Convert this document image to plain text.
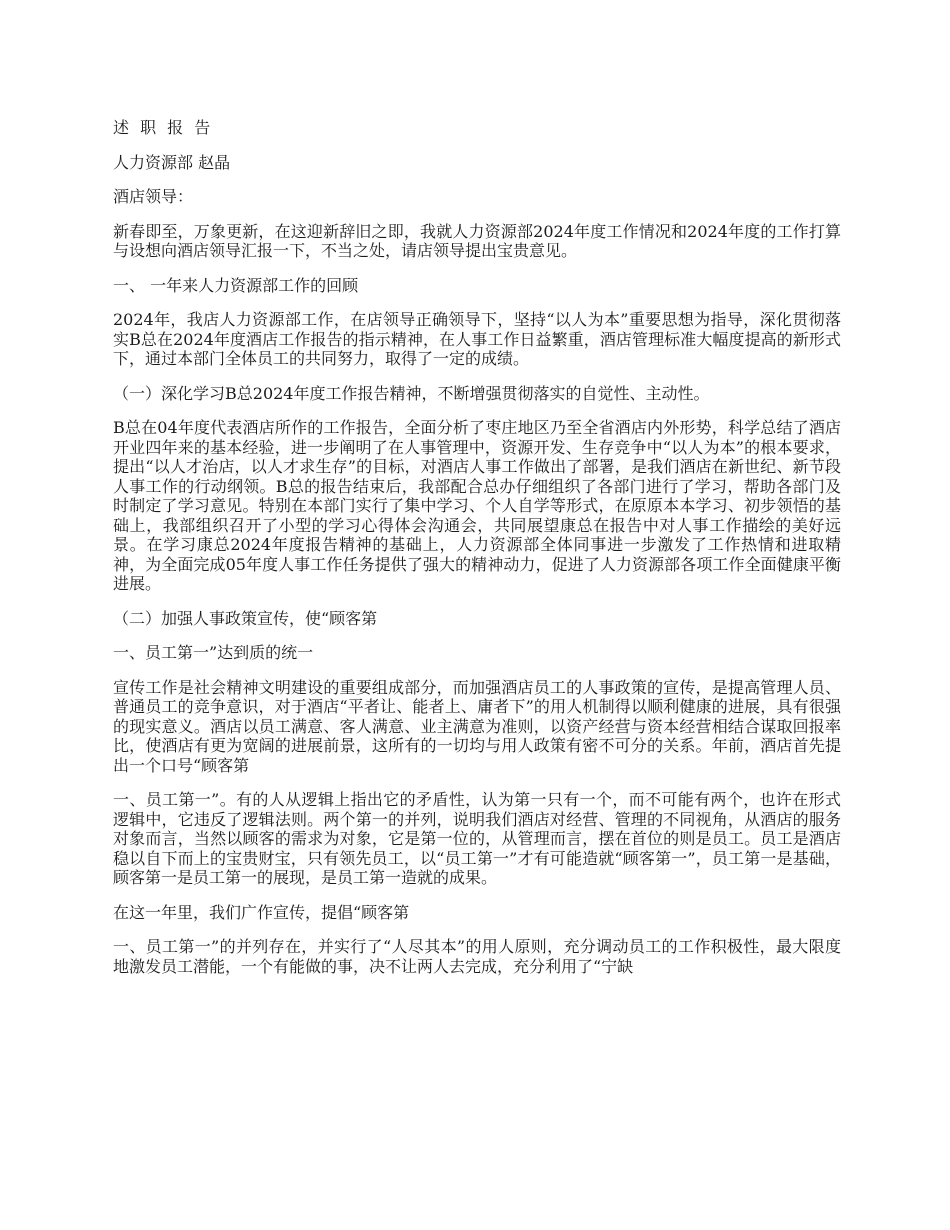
述 职 报 告

人力资源部 赵晶

酒店领导：

新春即至，万象更新，在这迎新辞旧之即，我就人力资源部2024年度工作情况和2024年度的工作打算与设想向酒店领导汇报一下，不当之处，请店领导提出宝贵意见。

一、 一年来人力资源部工作的回顾

2024年，我店人力资源部工作，在店领导正确领导下，坚持“以人为本”重要思想为指导，深化贯彻落实B总在2024年度酒店工作报告的指示精神，在人事工作日益繁重，酒店管理标准大幅度提高的新形式下，通过本部门全体员工的共同努力，取得了一定的成绩。

（一）深化学习B总2024年度工作报告精神，不断增强贯彻落实的自觉性、主动性。

B总在04年度代表酒店所作的工作报告，全面分析了枣庄地区乃至全省酒店内外形势，科学总结了酒店开业四年来的基本经验，进一步阐明了在人事管理中，资源开发、生存竞争中“以人为本”的根本要求，提出“以人才治店，以人才求生存”的目标，对酒店人事工作做出了部署，是我们酒店在新世纪、新节段人事工作的行动纲领。B总的报告结束后，我部配合总办仔细组织了各部门进行了学习，帮助各部门及时制定了学习意见。特别在本部门实行了集中学习、个人自学等形式，在原原本本学习、初步领悟的基础上，我部组织召开了小型的学习心得体会沟通会，共同展望康总在报告中对人事工作描绘的美好远景。在学习康总2024年度报告精神的基础上，人力资源部全体同事进一步激发了工作热情和进取精神，为全面完成05年度人事工作任务提供了强大的精神动力，促进了人力资源部各项工作全面健康平衡进展。

（二）加强人事政策宣传，使“顾客第

一、员工第一”达到质的统一

宣传工作是社会精神文明建设的重要组成部分，而加强酒店员工的人事政策的宣传，是提高管理人员、普通员工的竞争意识，对于酒店“平者让、能者上、庸者下”的用人机制得以顺利健康的进展，具有很强的现实意义。酒店以员工满意、客人满意、业主满意为准则，以资产经营与资本经营相结合谋取回报率比，使酒店有更为宽阔的进展前景，这所有的一切均与用人政策有密不可分的关系。年前，酒店首先提出一个口号“顾客第

一、员工第一”。有的人从逻辑上指出它的矛盾性，认为第一只有一个，而不可能有两个，也许在形式逻辑中，它违反了逻辑法则。两个第一的并列，说明我们酒店对经营、管理的不同视角，从酒店的服务对象而言，当然以顾客的需求为对象，它是第一位的，从管理而言，摆在首位的则是员工。员工是酒店稳以自下而上的宝贵财宝，只有领先员工，以“员工第一”才有可能造就“顾客第一”，员工第一是基础，顾客第一是员工第一的展现，是员工第一造就的成果。

在这一年里，我们广作宣传，提倡“顾客第

一、员工第一”的并列存在，并实行了“人尽其本”的用人原则，充分调动员工的工作积极性，最大限度地激发员工潜能，一个有能做的事，决不让两人去完成，充分利用了“宁缺
